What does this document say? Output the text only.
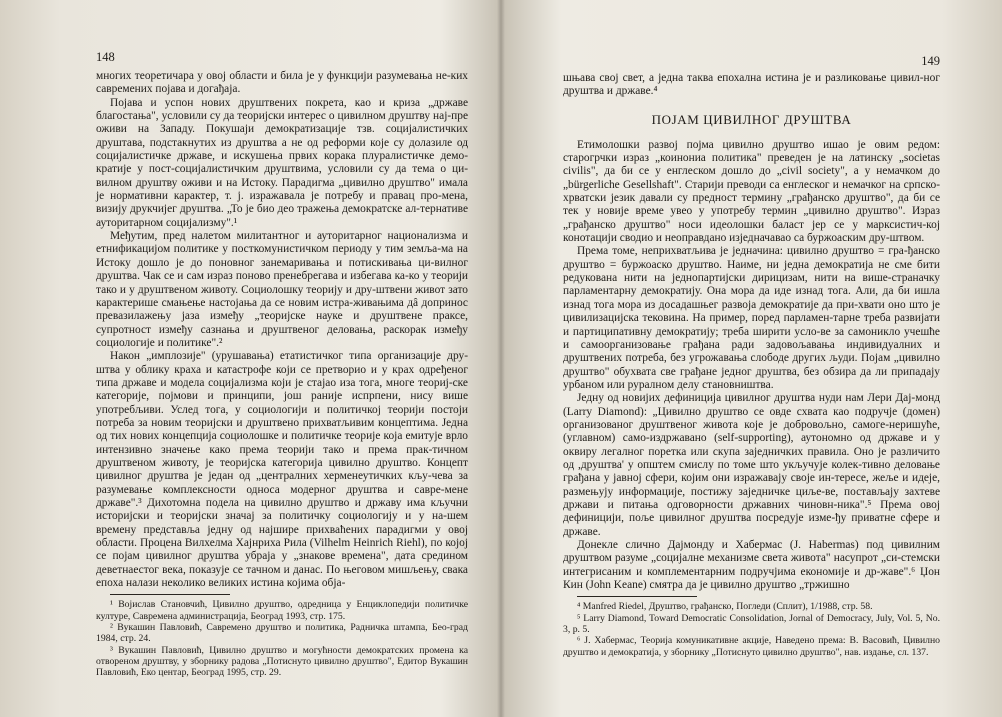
148

многих теоретичара у овој области и била је у функцији разумевања не-ких савремених појава и догађаја.

Појава и успон нових друштвених покрета, као и криза „државе благостања", условили су да теоријски интерес о цивилном друштву нај-пре оживи на Западу. Покушаји демократизације тзв. социјалистичких друштава, подстакнутих из друштва а не од реформи које су долазиле од социјалистичке државе, и искушења првих корака плуралистичке демо-кратије у пост-социјалистичким друштвима, условили су да тема о ци-вилном друштву оживи и на Истоку. Парадигма „цивилно друштво" имала је нормативни карактер, т. ј. изражавала је потребу и правац про-мена, визију друкчијег друштва. „То је био део тражења демократске ал-тернативе ауторитарном социјализму".¹

Међутим, пред налетом милитантног и ауторитарног национализма и етнификацијом политике у посткомунистичком периоду у тим земља-ма на Истоку дошло је до поновног занемаривања и потискивања ци-вилног друштва. Чак се и сам израз поново пренебрегава и избегава ка-ко у теорији тако и у друштвеном животу. Социолошку теорију и дру-штвени живот зато карактерише смањење настојања да се новим истра-живањима дâ допринос превазилажењу јаза између „теоријске науке и друштвене праксе, супротност између сазнања и друштвеног деловања, раскорак између социологије и политике".²

Након „имплозије" (урушавања) етатистичког типа организације дру-штва у облику краха и катастрофе који се претворио и у крах одређеног типа државе и модела социјализма који је стајао иза тога, многе теориј-ске категорије, појмови и принципи, још раније испрпени, нису више употребљиви. Услед тога, у социологији и политичкој теорији постоји потреба за новим теоријски и друштвено прихватљивим концептима. Једна од тих нових концепција социолошке и политичке теорије која емитује врло интензивно значење како према теорији тако и према прак-тичном друштвеном животу, је теоријска категорија цивилно друштво. Концепт цивилног друштва је један од „централних херменеутичких кљу-чева за разумевање комплексности односа модерног друштва и савре-мене државе".³ Дихотомна подела на цивилно друштво и државу има кључни историјски и теоријски значај за политичку социологију и у на-шем времену представља једну од најшире прихваћених парадигми у овој области. Процена Вилхелма Хајнриха Рила (Vilhelm Heinrich Riehl), по којој се појам цивилног друштва убраја у „знакове времена", дата средином деветнаестог века, показује се тачном и данас. По његовом мишљењу, свака епоха налази неколико великих истина којима обја-

¹ Војислав Становчић, Цивилно друштво, одредница у Енциклопедији политичке културе, Савремена администрација, Београд 1993, стр. 175.

² Вукашин Павловић, Савремено друштво и политика, Радничка штампа, Бео-град 1984, стр. 24.

³ Вукашин Павловић, Цивилно друштво и могућности демократских промена ка отвореном друштву, у зборнику радова „Потиснуто цивилно друштво", Едитор Вукашин Павловић, Еко центар, Београд 1995, стр. 29.

149

шњава свој свет, а једна таква епохална истина је и разликовање цивил-ног друштва и државе.⁴

ПОЈАМ ЦИВИЛНОГ ДРУШТВА

Етимолошки развој појма цивилно друштво ишао је овим редом: старогрчки израз „коинониа политика" преведен је на латинску „societas civilis", да би се у енглеском дошло до „civil society", а у немачком до „bürgerliche Gesellshaft". Старији преводи са енглеског и немачког на српско-хрватски језик давали су предност термину „грађанско друштво", да би се тек у новије време увео у употребу термин „цивилно друштво". Израз „грађанско друштво" носи идеолошки баласт јер се у марксистич-кој конотацији сводио и неоправдано изједначавао са буржоаским дру-штвом.

Према томе, неприхватљива је једначина: цивилно друштво = гра-ђанско друштво = буржоаско друштво. Наиме, ни једна демократија не сме бити редукована нити на једнопартијски дирицизам, нити на више-страначку парламентарну демократију. Она мора да иде изнад тога. Али, да би ишла изнад тога мора из досадашњег развоја демократије да при-хвати оно што је цивилизацијска тековина. На пример, поред парламен-тарне треба развијати и партиципативну демократију; треба ширити усло-ве за самоникло учешће и самоорганизовање грађана ради задовољавања индивидуалних и друштвених потреба, без угрожавања слободе других људи. Појам „цивилно друштво" обухвата све грађане једног друштва, без обзира да ли припадају урбаном или руралном делу становништва.

Једну од новијих дефиниција цивилног друштва нуди нам Лери Дај-монд (Larry Diamond): „Цивилно друштво се овде схвата као подручје (домен) организованог друштвеног живота које је добровољно, самоге-неришуће, (углавном) само-издржавано (self-supporting), аутономно од државе и у оквиру легалног поретка или скупа заједничких правила. Оно је различито од ,друштва' у општем смислу по томе што укључује колек-тивно деловање грађана у јавној сфери, којим они изражавају своје ин-тересе, жеље и идеје, размењују информације, постижу заједничке циље-ве, постављају захтеве држави и питања одговорности државних чиновн-ника".⁵ Према овој дефиницији, поље цивилног друштва посредује изме-ђу приватне сфере и државе.

Донекле слично Дајмонду и Хабермас (J. Habermas) под цивилним друштвом разуме „социјалне механизме света живота" насупрот „си-стемски интегрисаним и комплементарним подручјима економије и др-жаве".⁶ Џон Кин (John Keane) смятра да је цивилно друштво „тржишно

⁴ Manfred Riedel, Друштво, грађанско, Погледи (Сплит), 1/1988, стр. 58.

⁵ Larry Diamond, Toward Democratic Consolidation, Jornal of Democracy, July, Vol. 5, No. 3, p. 5.

⁶ J. Хабермас, Теорија комуникативне акције, Наведено према: В. Васовић, Цивилно друштво и демократија, у зборнику „Потиснуто цивилно друштво", нав. издање, сл. 137.
